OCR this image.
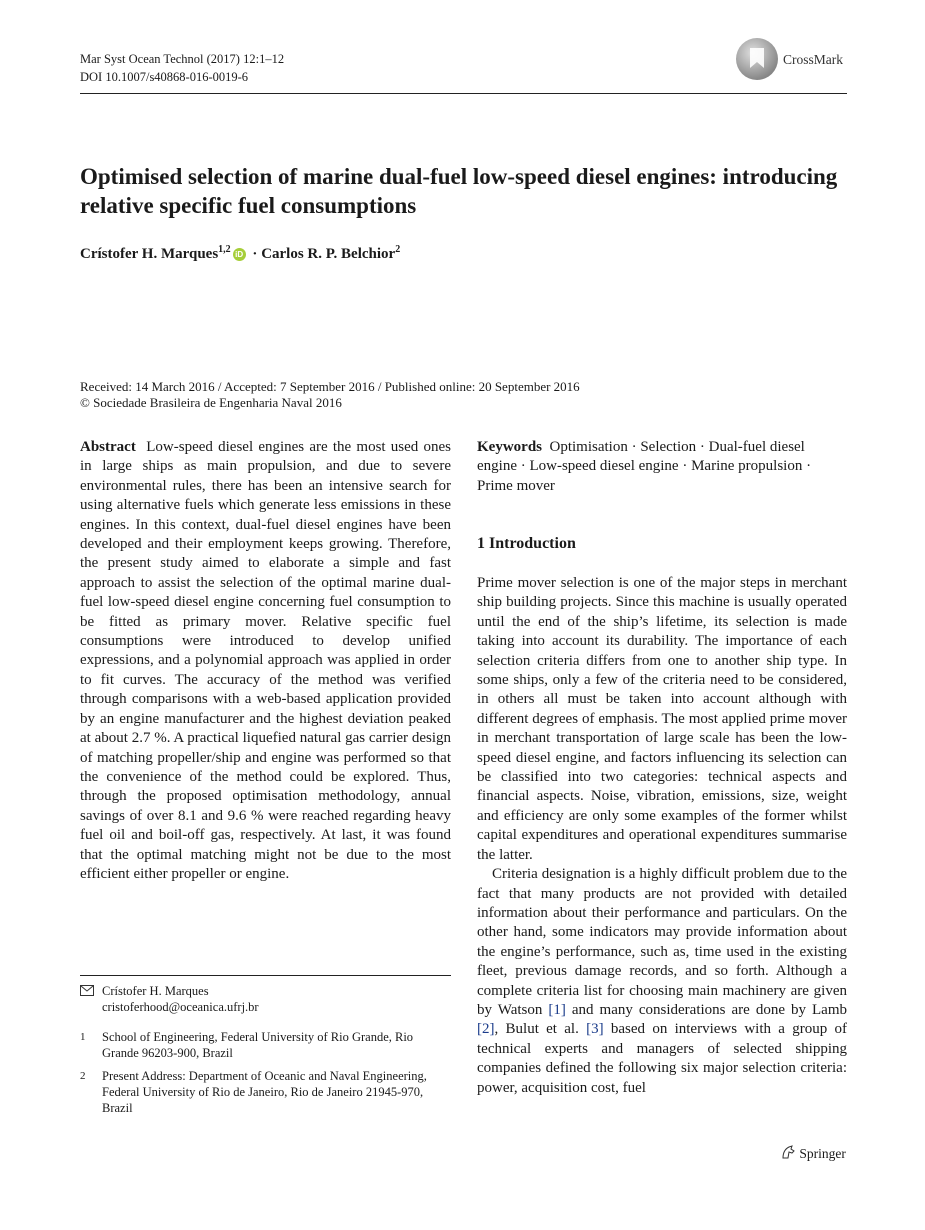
Mar Syst Ocean Technol (2017) 12:1–12
DOI 10.1007/s40868-016-0019-6
CrossMark
Optimised selection of marine dual-fuel low-speed diesel engines: introducing relative specific fuel consumptions
Crístofer H. Marques$^{1,2}$ iD · Carlos R. P. Belchior$^2$
Received: 14 March 2016 / Accepted: 7 September 2016 / Published online: 20 September 2016
© Sociedade Brasileira de Engenharia Naval 2016

Abstract Low-speed diesel engines are the most used ones in large ships as main propulsion, and due to severe environmental rules, there has been an intensive search for using alternative fuels which generate less emissions in these engines. In this context, dual-fuel diesel engines have been developed and their employment keeps growing. Therefore, the present study aimed to elaborate a simple and fast approach to assist the selection of the optimal marine dual-fuel low-speed diesel engine concerning fuel consumption to be fitted as primary mover. Relative specific fuel consumptions were introduced to develop unified expressions, and a polynomial approach was applied in order to fit curves. The accuracy of the method was verified through comparisons with a web-based application provided by an engine manufacturer and the highest deviation peaked at about 2.7 %. A practical liquefied natural gas carrier design of matching propeller/ship and engine was performed so that the convenience of the method could be explored. Thus, through the proposed optimisation methodology, annual savings of over 8.1 and 9.6 % were reached regarding heavy fuel oil and boil-off gas, respectively. At last, it was found that the optimal matching might not be due to the most efficient either propeller or engine.

Keywords Optimisation · Selection · Dual-fuel diesel engine · Low-speed diesel engine · Marine propulsion · Prime mover

1 Introduction

Prime mover selection is one of the major steps in merchant ship building projects. Since this machine is usually operated until the end of the ship’s lifetime, its selection is made taking into account its durability. The importance of each selection criteria differs from one to another ship type. In some ships, only a few of the criteria need to be considered, in others all must be taken into account although with different degrees of emphasis. The most applied prime mover in merchant transportation of large scale has been the low-speed diesel engine, and factors influencing its selection can be classified into two categories: technical aspects and financial aspects. Noise, vibration, emissions, size, weight and efficiency are only some examples of the former whilst capital expenditures and operational expenditures summarise the latter.

Criteria designation is a highly difficult problem due to the fact that many products are not provided with detailed information about their performance and particulars. On the other hand, some indicators may provide information about the engine’s performance, such as, time used in the existing fleet, previous damage records, and so forth. Although a complete criteria list for choosing main machinery are given by Watson [1] and many considerations are done by Lamb [2], Bulut et al. [3] based on interviews with a group of technical experts and managers of selected shipping companies defined the following six major selection criteria: power, acquisition cost, fuel

Crístofer H. Marques
cristoferhood@oceanica.ufrj.br
1 School of Engineering, Federal University of Rio Grande, Rio Grande 96203-900, Brazil
2 Present Address: Department of Oceanic and Naval Engineering, Federal University of Rio de Janeiro, Rio de Janeiro 21945-970, Brazil
Springer
